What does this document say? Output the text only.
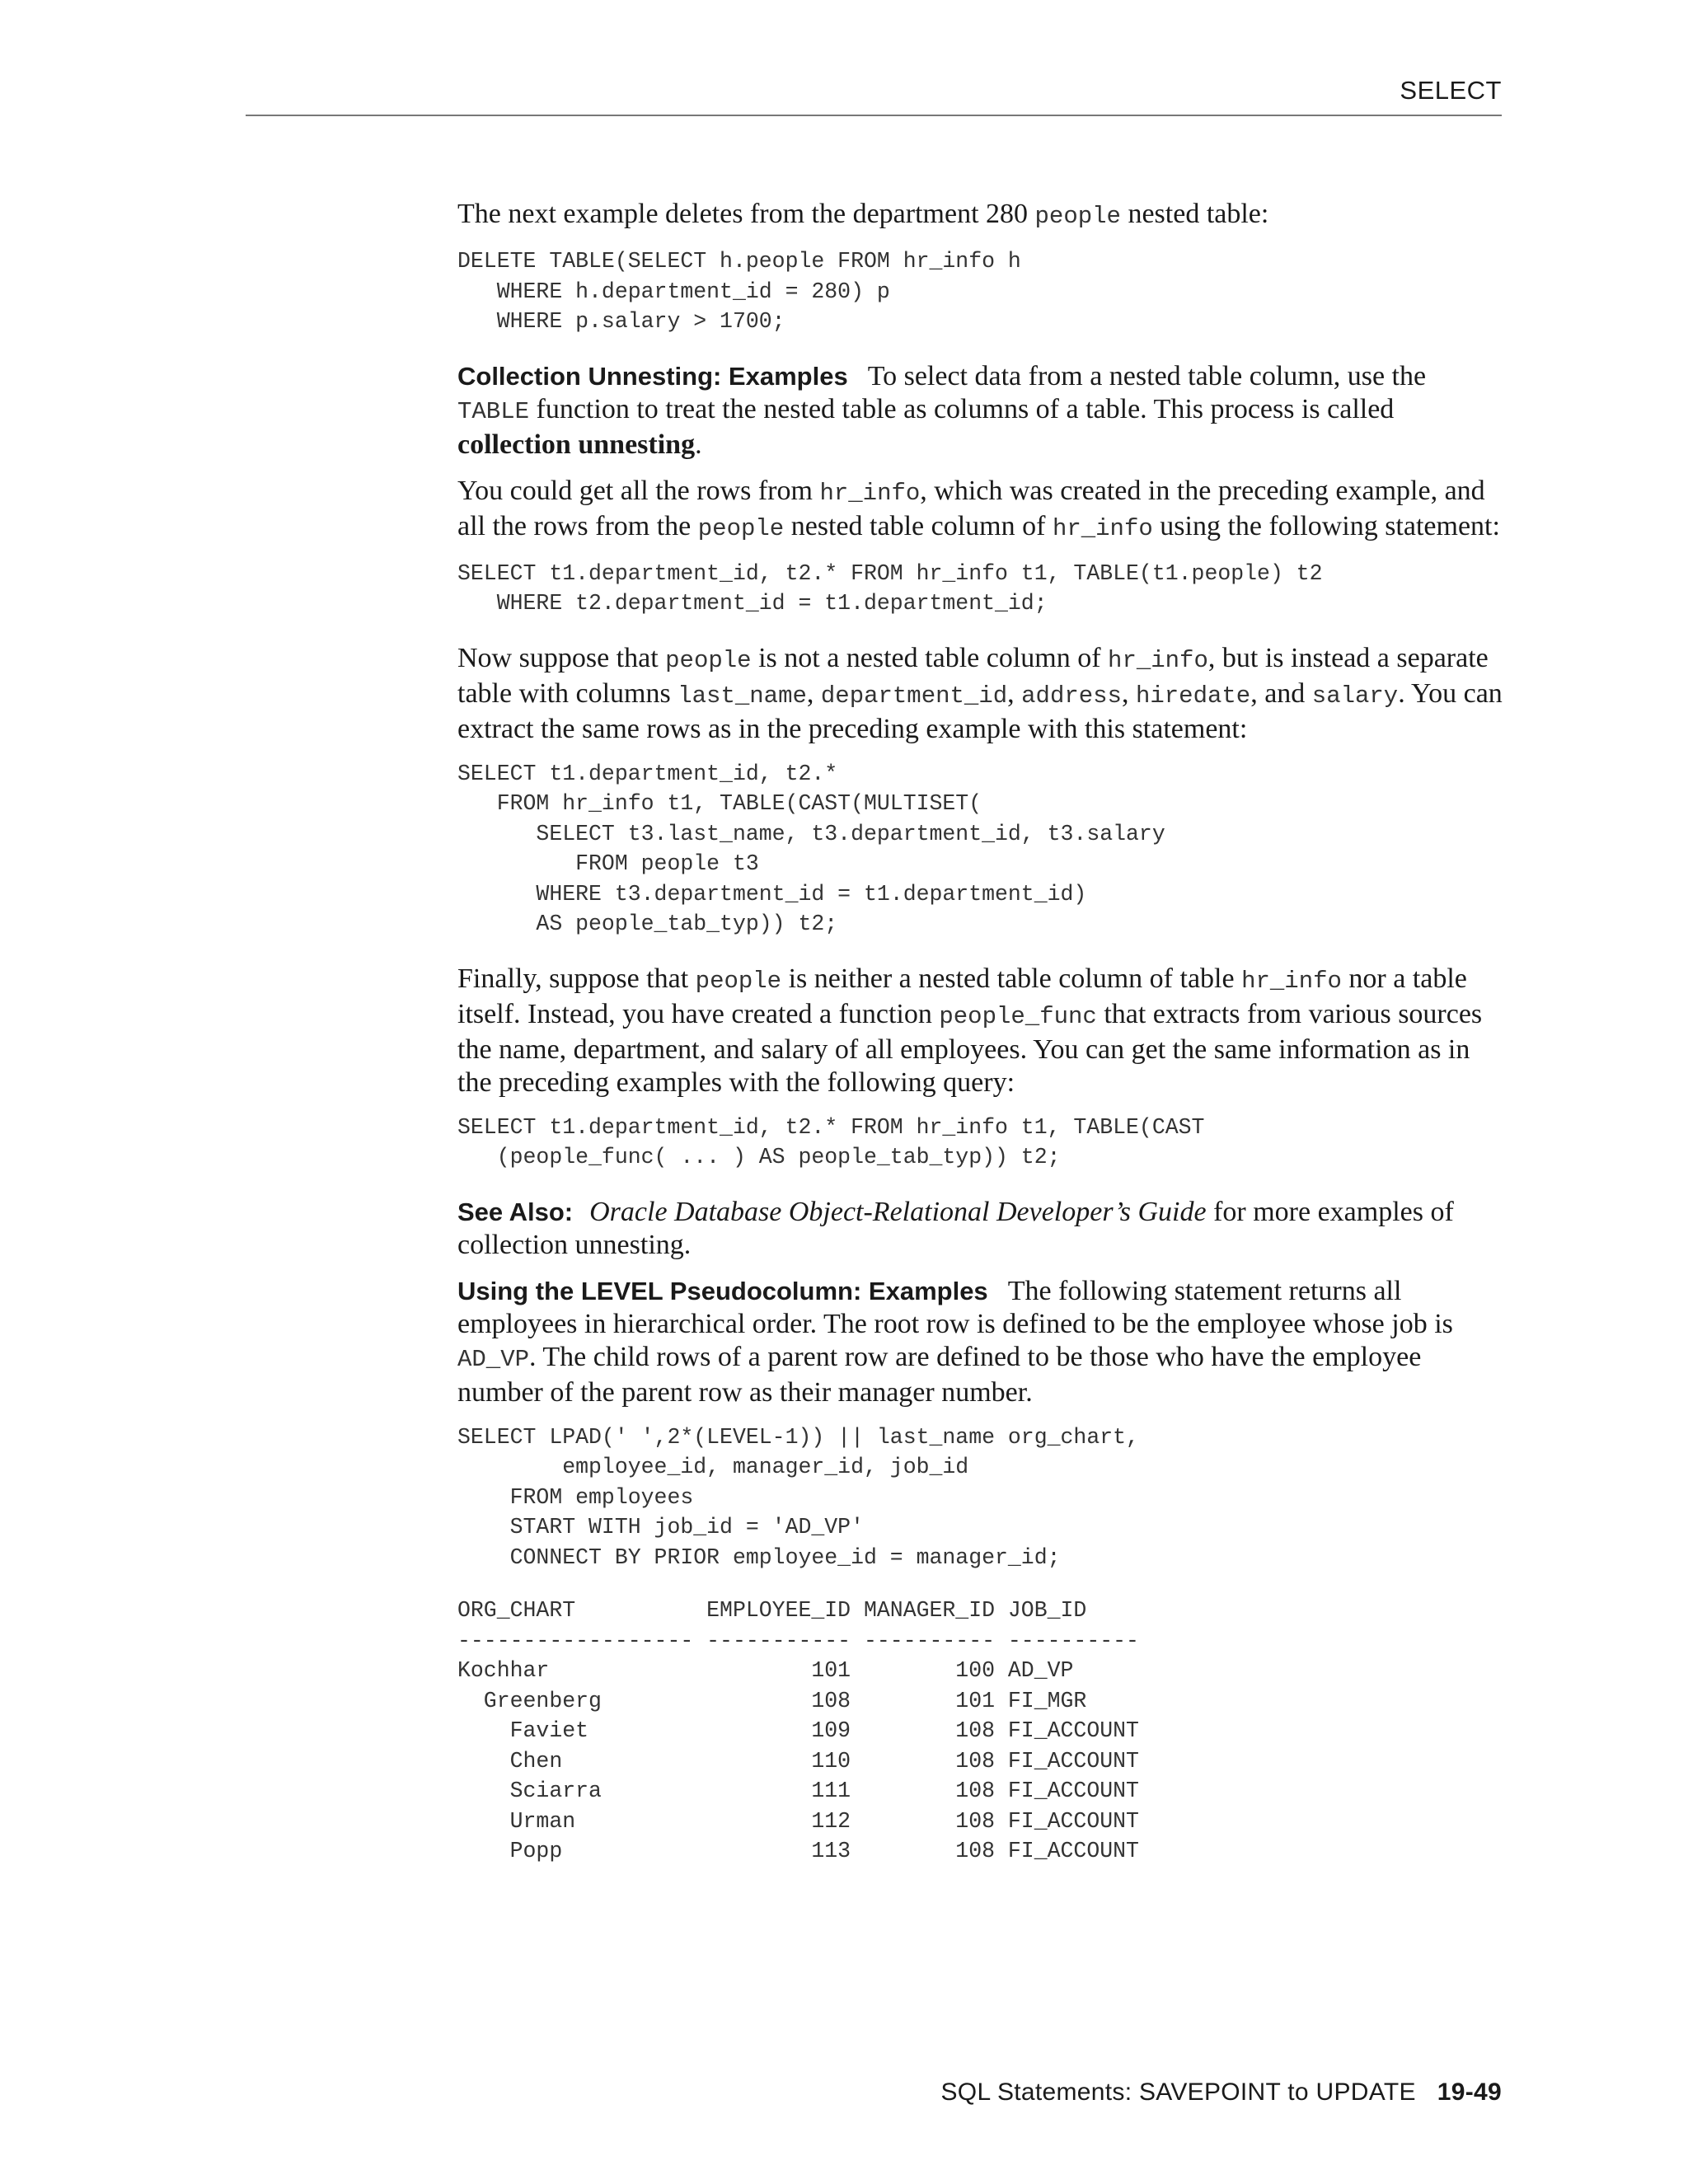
SELECT

The next example deletes from the department 280 people nested table:

DELETE TABLE(SELECT h.people FROM hr_info h
WHERE h.department_id = 280) p
WHERE p.salary > 1700;

Collection Unnesting: Examples To select data from a nested table column, use the TABLE function to treat the nested table as columns of a table. This process is called collection unnesting.

You could get all the rows from hr_info, which was created in the preceding example, and all the rows from the people nested table column of hr_info using the following statement:

SELECT t1.department_id, t2.* FROM hr_info t1, TABLE(t1.people) t2
WHERE t2.department_id = t1.department_id;

Now suppose that people is not a nested table column of hr_info, but is instead a separate table with columns last_name, department_id, address, hiredate, and salary. You can extract the same rows as in the preceding example with this statement:

SELECT t1.department_id, t2.*
FROM hr_info t1, TABLE(CAST(MULTISET(
SELECT t3.last_name, t3.department_id, t3.salary
FROM people t3
WHERE t3.department_id = t1.department_id)
AS people_tab_typ)) t2;

Finally, suppose that people is neither a nested table column of table hr_info nor a table itself. Instead, you have created a function people_func that extracts from various sources the name, department, and salary of all employees. You can get the same information as in the preceding examples with the following query:

SELECT t1.department_id, t2.* FROM hr_info t1, TABLE(CAST
(people_func( ... ) AS people_tab_typ)) t2;

See Also: Oracle Database Object-Relational Developer’s Guide for more examples of collection unnesting.

Using the LEVEL Pseudocolumn: Examples The following statement returns all employees in hierarchical order. The root row is defined to be the employee whose job is AD_VP. The child rows of a parent row are defined to be those who have the employee number of the parent row as their manager number.

SELECT LPAD(' ',2*(LEVEL-1)) || last_name org_chart,
employee_id, manager_id, job_id
FROM employees
START WITH job_id = 'AD_VP'
CONNECT BY PRIOR employee_id = manager_id;
ORG_CHART          EMPLOYEE_ID MANAGER_ID JOB_ID
------------------ ----------- ---------- ----------
Kochhar                    101        100 AD_VP
Greenberg                108        101 FI_MGR
Faviet                 109        108 FI_ACCOUNT
Chen                   110        108 FI_ACCOUNT
Sciarra                111        108 FI_ACCOUNT
Urman                  112        108 FI_ACCOUNT
Popp                   113        108 FI_ACCOUNT
SQL Statements: SAVEPOINT to UPDATE 19-49
